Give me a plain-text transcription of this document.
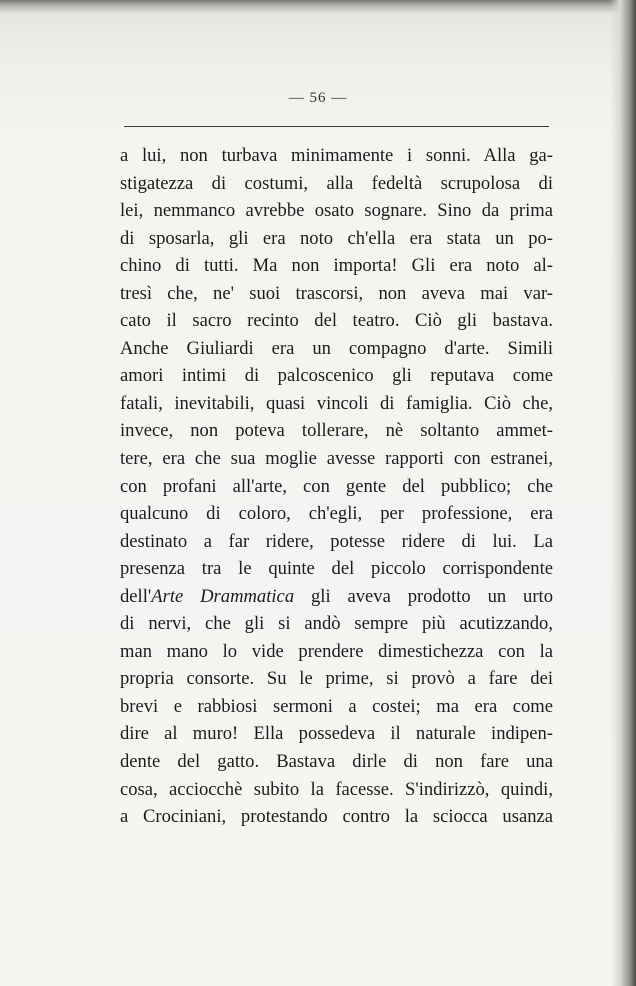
— 56 —
a lui, non turbava minimamente i sonni. Alla ga-
stigatezza di costumi, alla fedeltà scrupolosa di
lei, nemmanco avrebbe osato sognare. Sino da prima
di sposarla, gli era noto ch'ella era stata un po-
chino di tutti. Ma non importa! Gli era noto al-
tresì che, ne' suoi trascorsi, non aveva mai var-
cato il sacro recinto del teatro. Ciò gli bastava.
Anche Giuliardi era un compagno d'arte. Simili
amori intimi di palcoscenico gli reputava come
fatali, inevitabili, quasi vincoli di famiglia. Ciò che,
invece, non poteva tollerare, nè soltanto ammet-
tere, era che sua moglie avesse rapporti con estranei,
con profani all'arte, con gente del pubblico; che
qualcuno di coloro, ch'egli, per professione, era
destinato a far ridere, potesse ridere di lui. La
presenza tra le quinte del piccolo corrispondente
dell'Arte Drammatica gli aveva prodotto un urto
di nervi, che gli si andò sempre più acutizzando,
man mano lo vide prendere dimestichezza con la
propria consorte. Su le prime, si provò a fare dei
brevi e rabbiosi sermoni a costei; ma era come
dire al muro! Ella possedeva il naturale indipen-
dente del gatto. Bastava dirle di non fare una
cosa, acciocchè subito la facesse. S'indirizzò, quindi,
a Crociniani, protestando contro la sciocca usanza
